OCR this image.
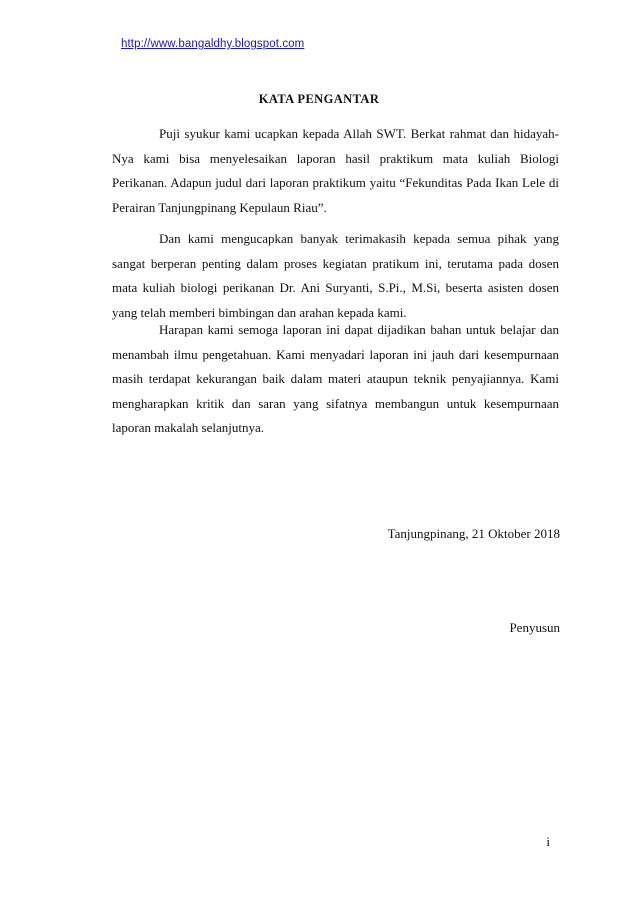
http://www.bangaldhy.blogspot.com
KATA PENGANTAR

Puji syukur kami ucapkan kepada Allah SWT. Berkat rahmat dan hidayah-Nya kami bisa menyelesaikan laporan hasil praktikum mata kuliah Biologi Perikanan. Adapun judul dari laporan praktikum yaitu “Fekunditas Pada Ikan Lele di Perairan Tanjungpinang Kepulaun Riau”.

Dan kami mengucapkan banyak terimakasih kepada semua pihak yang sangat berperan penting dalam proses kegiatan pratikum ini, terutama pada dosen mata kuliah biologi perikanan Dr. Ani Suryanti, S.Pi., M.Si, beserta asisten dosen yang telah memberi bimbingan dan arahan kepada kami.

Harapan kami semoga laporan ini dapat dijadikan bahan untuk belajar dan menambah ilmu pengetahuan. Kami menyadari laporan ini jauh dari kesempurnaan masih terdapat kekurangan baik dalam materi ataupun teknik penyajiannya. Kami mengharapkan kritik dan saran yang sifatnya membangun untuk kesempurnaan laporan makalah selanjutnya.

Tanjungpinang, 21 Oktober 2018
Penyusun
i
